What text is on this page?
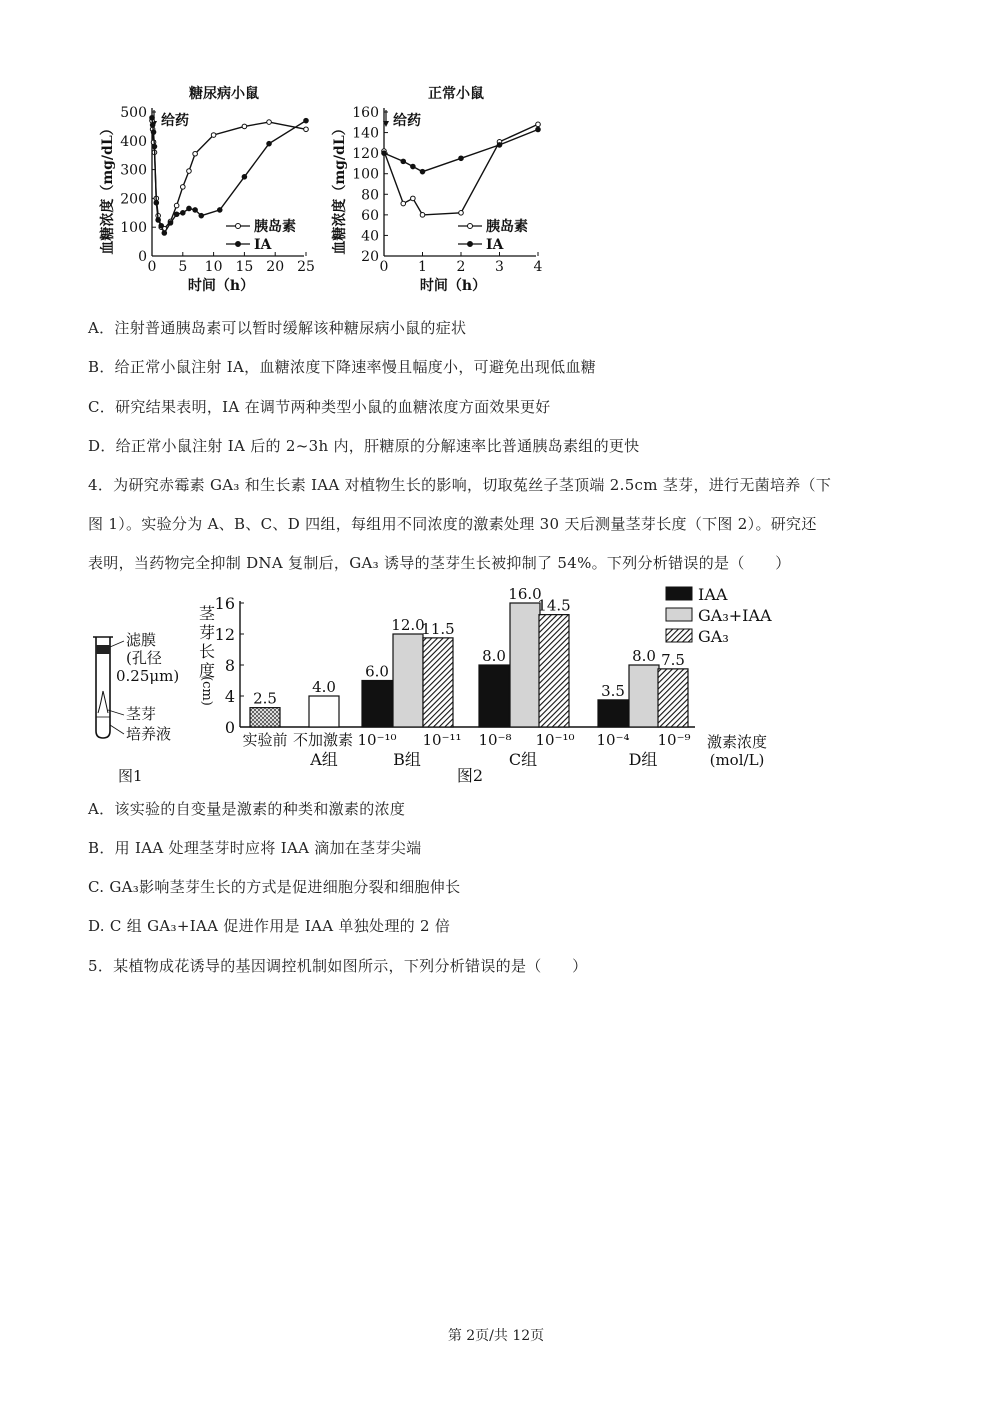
糖尿病小鼠
0
100
200
300
400
500
0 5 10 15 20 25
时间（h）
血糖浓度（mg/dL）
给药
胰岛素
IA
正常小鼠
20
40
60
80
100
120
140
160
0 1 2 3 4
时间（h）
血糖浓度（mg/dL）
给药
胰岛素
IA
A．注射普通胰岛素可以暂时缓解该种糖尿病小鼠的症状
B．给正常小鼠注射 IA，血糖浓度下降速率慢且幅度小，可避免出现低血糖
C．研究结果表明，IA 在调节两种类型小鼠的血糖浓度方面效果更好
D．给正常小鼠注射 IA 后的 2~3h 内，肝糖原的分解速率比普通胰岛素组的更快
4．为研究赤霉素 GA₃ 和生长素 IAA 对植物生长的影响，切取菟丝子茎顶端 2.5cm 茎芽，进行无菌培养（下
图 1）。实验分为 A、B、C、D 四组，每组用不同浓度的激素处理 30 天后测量茎芽长度（下图 2）。研究还
表明，当药物完全抑制 DNA 复制后，GA₃ 诱导的茎芽生长被抑制了 54%。下列分析错误的是（　　）
滤膜
(孔径
0.25μm)
茎芽
培养液
图1
0
4
8
12
16
茎
芽
长
度
(cm)	2.5
4.0
6.0
12.0
11.5
8.0
16.0
14.5
3.5
8.0 7.5
实验前 不加激素 10⁻¹⁰ 10⁻¹¹ 10⁻⁸ 10⁻¹⁰ 10⁻⁴ 10⁻⁹
A组	B组	C组	D组
激素浓度
(mol/L)
图2
IAA
GA₃+IAA
GA₃
A．该实验的自变量是激素的种类和激素的浓度
B．用 IAA 处理茎芽时应将 IAA 滴加在茎芽尖端
C. GA₃影响茎芽生长的方式是促进细胞分裂和细胞伸长
D. C 组 GA₃+IAA 促进作用是 IAA 单独处理的 2 倍
5．某植物成花诱导的基因调控机制如图所示，下列分析错误的是（　　）
第 2页/共 12页
